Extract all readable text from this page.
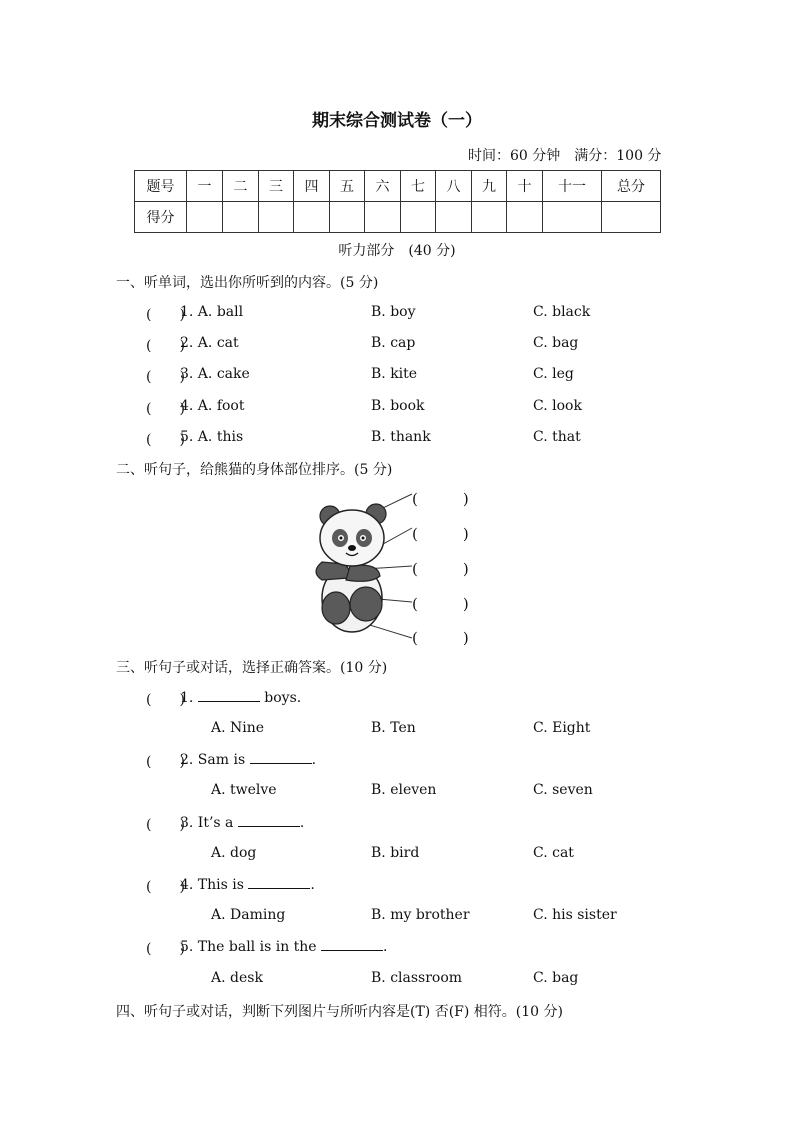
期末综合测试卷（一）
时间：60 分钟　满分：100 分
题号	一	二	三	四	五	六	七	八	九	十	十一	总分
得分												
听力部分　(40 分)
一、听单词，选出你所听到的内容。(5 分)
(　　)
1. A. ball	B. boy	C. black
(　　)
2. A. cat	B. cap	C. bag
(　　)
3. A. cake	B. kite	C. leg
(　　)
4. A. foot	B. book	C. look
(　　)
5. A. this	B. thank	C. that
二、听句子，给熊猫的身体部位排序。(5 分)
(　　　)
(　　　)
(　　　)
(　　　)
(　　　)
三、听句子或对话，选择正确答案。(10 分)
(　　)
1.	boys.
A. Nine	B. Ten	C. Eight
(　　)
2. Sam is	.
A. twelve	B. eleven	C. seven
(　　)
3. It’s a	.
A. dog	B. bird	C. cat
(　　)
4. This is	.
A. Daming	B. my brother	C. his sister
(　　)
5. The ball is in the	.
A. desk	B. classroom	C. bag
四、听句子或对话，判断下列图片与所听内容是(T) 否(F) 相符。(10 分)
